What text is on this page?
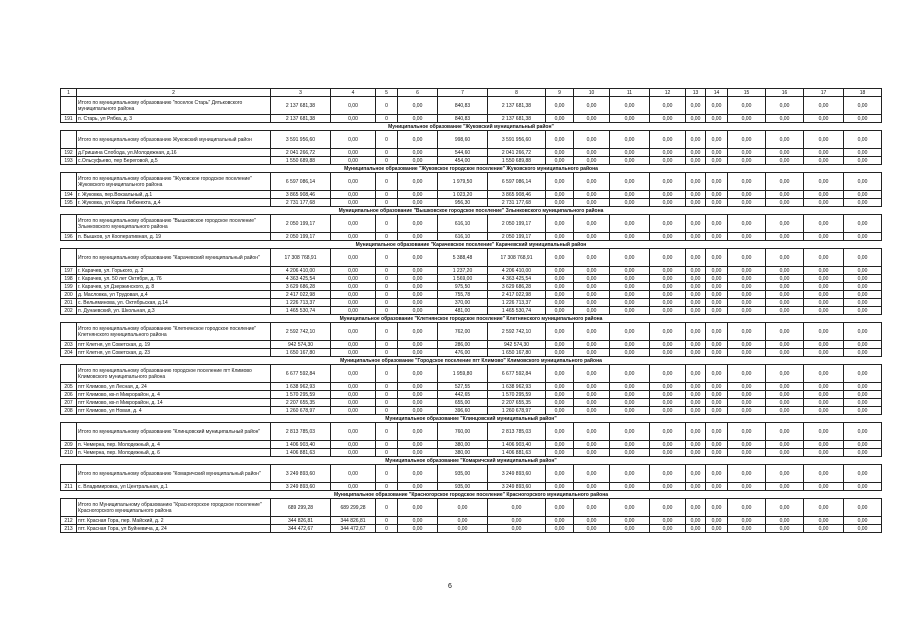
1	2	3	4	5	6	7	8	9	10	11	12	13	14	15	16	17	18
	Итого по муниципальному образованию "поселок Старь" Дятьковского муниципального района	2 137 681,38	0,00	0	0,00	840,83	2 137 681,38	0,00	0,00	0,00	0,00	0,00	0,00	0,00	0,00	0,00	0,00
191	п. Старь, ул Рябка, д. 3	2 137 681,38	0,00	0	0,00	840,83	2 137 681,38	0,00	0,00	0,00	0,00	0,00	0,00	0,00	0,00	0,00	0,00
Муниципальное образование "Жуковский муниципальный район"																	
	Итого по муниципальному образованию Жуковский муниципальный район	3 591 956,60	0,00	0	0,00	998,60	3 591 956,60	0,00	0,00	0,00	0,00	0,00	0,00	0,00	0,00	0,00	0,00
192	д.Гришина Слобода, ул.Молодежная, д.16	2 041 266,72	0,00	0	0,00	544,60	2 041 266,72	0,00	0,00	0,00	0,00	0,00	0,00	0,00	0,00	0,00	0,00
193	с.Ольсуфьево, пер Береговой, д.5	1 550 689,88	0,00	0	0,00	454,00	1 550 689,88	0,00	0,00	0,00	0,00	0,00	0,00	0,00	0,00	0,00	0,00
Муниципальное образование "Жуковское городское поселение" Жуковского муниципального района																	
	Итого по муниципальному образованию "Жуковское городское поселение" Жуковского муниципального района	6 597 086,14	0,00	0	0,00	1 979,50	6 597 086,14	0,00	0,00	0,00	0,00	0,00	0,00	0,00	0,00	0,00	0,00
194	г. Жуковка, пер.Вокзальный, д.1	3 865 908,46	0,00	0	0,00	1 023,20	3 865 908,46	0,00	0,00	0,00	0,00	0,00	0,00	0,00	0,00	0,00	0,00
195	г. Жуковка, ул Карла Либкнехта, д.4	2 731 177,68	0,00	0	0,00	956,30	2 731 177,68	0,00	0,00	0,00	0,00	0,00	0,00	0,00	0,00	0,00	0,00
Муниципальное образование "Вышковское городское поселение" Злынковского муниципального района																	
	Итого по муниципальному образованию "Вышковское городское поселение" Злынковского муниципального района	2 050 199,17	0,00	0	0,00	616,10	2 050 199,17	0,00	0,00	0,00	0,00	0,00	0,00	0,00	0,00	0,00	0,00
196	п. Вышков, ул Кооперативная, д. 19	2 050 199,17	0,00	0	0,00	616,10	2 050 199,17	0,00	0,00	0,00	0,00	0,00	0,00	0,00	0,00	0,00	0,00
Муниципальное образование "Карачевское поселение" Карачевский муниципальный район																	
	Итого по муниципальному образованию "Карачевский муниципальный район"	17 308 768,91	0,00	0	0,00	5 388,48	17 308 768,91	0,00	0,00	0,00	0,00	0,00	0,00	0,00	0,00	0,00	0,00
197	г. Карачев, ул. Горького, д. 2	4 206 410,00	0,00	0	0,00	1 237,20	4 206 410,00	0,00	0,00	0,00	0,00	0,00	0,00	0,00	0,00	0,00	0,00
198	г. Карачев, ул. 50 лет Октября, д. 76	4 363 425,54	0,00	0	0,00	1 569,00	4 363 425,54	0,00	0,00	0,00	0,00	0,00	0,00	0,00	0,00	0,00	0,00
199	г. Карачев, ул Дзержинского, д. 8	3 629 686,28	0,00	0	0,00	975,50	3 629 686,28	0,00	0,00	0,00	0,00	0,00	0,00	0,00	0,00	0,00	0,00
200	д. Масловка, ул Трудовая, д.4	2 417 022,98	0,00	0	0,00	755,78	2 417 022,98	0,00	0,00	0,00	0,00	0,00	0,00	0,00	0,00	0,00	0,00
201	с. Вельяминова, ул. Октябрьская, д.14	1 226 713,37	0,00	0	0,00	370,00	1 226 713,37	0,00	0,00	0,00	0,00	0,00	0,00	0,00	0,00	0,00	0,00
202	п. Дунаевский, ул. Школьная, д.3	1 465 530,74	0,00	0	0,00	481,00	1 465 530,74	0,00	0,00	0,00	0,00	0,00	0,00	0,00	0,00	0,00	0,00
Муниципальное образование "Клетнянское городское поселение" Клетнянского муниципального района																	
	Итого по муниципальному образованию "Клетнянское городское поселение" Клетнянского муниципального района	2 592 742,10	0,00	0	0,00	762,00	2 592 742,10	0,00	0,00	0,00	0,00	0,00	0,00	0,00	0,00	0,00	0,00
203	пгт Клетня, ул Советская, д. 19	942 574,30	0,00	0	0,00	286,00	942 574,30	0,00	0,00	0,00	0,00	0,00	0,00	0,00	0,00	0,00	0,00
204	пгт Клетня, ул Советская, д. 23	1 650 167,80	0,00	0	0,00	476,00	1 650 167,80	0,00	0,00	0,00	0,00	0,00	0,00	0,00	0,00	0,00	0,00
Муниципальное образование "Городское поселение пгт Климово" Климовского муниципального района																	
	Итого по муниципальному образованию городское поселение пгт Климово Климовского муниципального района	6 677 592,84	0,00	0	0,00	1 959,80	6 677 592,84	0,00	0,00	0,00	0,00	0,00	0,00	0,00	0,00	0,00	0,00
205	пгт Климово, ул Лесная, д. 24	1 638 962,93	0,00	0	0,00	527,55	1 638 962,93	0,00	0,00	0,00	0,00	0,00	0,00	0,00	0,00	0,00	0,00
206	пгт Климово, кв-л Микрорайон, д. 4	1 570 295,59	0,00	0	0,00	442,65	1 570 295,59	0,00	0,00	0,00	0,00	0,00	0,00	0,00	0,00	0,00	0,00
207	пгт Климово, кв-л Микрорайон, д. 14	2 207 655,35	0,00	0	0,00	655,00	2 207 655,35	0,00	0,00	0,00	0,00	0,00	0,00	0,00	0,00	0,00	0,00
208	пгт Климово, ул Новая, д. 4	1 260 678,97	0,00	0	0,00	396,60	1 260 678,97	0,00	0,00	0,00	0,00	0,00	0,00	0,00	0,00	0,00	0,00
Муниципальное образование "Клинцовский муниципальный район"																	
	Итого по муниципальному образованию "Клинцовский муниципальный район"	2 813 785,03	0,00	0	0,00	760,00	2 813 785,03	0,00	0,00	0,00	0,00	0,00	0,00	0,00	0,00	0,00	0,00
209	п. Чемерна, пер. Молодежный, д. 4	1 406 903,40	0,00	0	0,00	380,00	1 406 903,40	0,00	0,00	0,00	0,00	0,00	0,00	0,00	0,00	0,00	0,00
210	п. Чемерна, пер. Молодежный, д. 6	1 406 881,63	0,00	0	0,00	380,00	1 406 881,63	0,00	0,00	0,00	0,00	0,00	0,00	0,00	0,00	0,00	0,00
Муниципальное образование "Комаричский муниципальный район"																	
	Итого по муниципальному образованию "Комаричский муниципальный район"	3 249 893,60	0,00	0	0,00	935,00	3 249 893,60	0,00	0,00	0,00	0,00	0,00	0,00	0,00	0,00	0,00	0,00
211	с. Владимировка, ул Центральная, д.1	3 249 893,60	0,00	0	0,00	935,00	3 249 893,60	0,00	0,00	0,00	0,00	0,00	0,00	0,00	0,00	0,00	0,00
Муниципальное образование "Красногорское городское поселение" Красногорского муниципального района																	
	Итого по Муниципальному образованию "Красногорское городское поселение" Красногорского муниципального района	689 299,28	689 299,28	0	0,00	0,00	0,00	0,00	0,00	0,00	0,00	0,00	0,00	0,00	0,00	0,00	0,00
212	пгт. Красная Гора, пер. Майский, д. 2	344 826,81	344 826,81	0	0,00	0,00	0,00	0,00	0,00	0,00	0,00	0,00	0,00	0,00	0,00	0,00	0,00
213	пгт. Красная Гора, ул Буйневича, д. 24	344 472,67	344 472,67	0	0,00	0,00	0,00	0,00	0,00	0,00	0,00	0,00	0,00	0,00	0,00	0,00	0,00
6
